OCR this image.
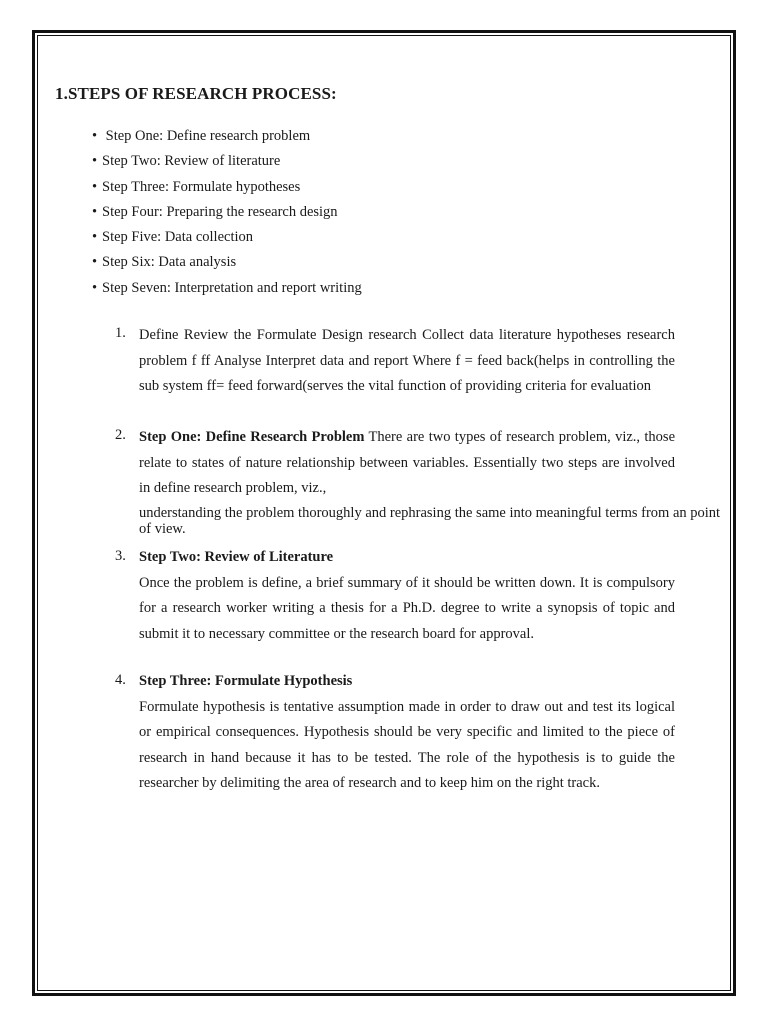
1.STEPS OF RESEARCH PROCESS:
• Step One: Define research problem
• Step Two: Review of literature
• Step Three: Formulate hypotheses
• Step Four: Preparing the research design
• Step Five: Data collection
• Step Six: Data analysis
• Step Seven: Interpretation and report writing
1. Define Review the Formulate Design research Collect data literature hypotheses research problem f ff Analyse Interpret data and report Where f = feed back(helps in controlling the sub system ff= feed forward(serves the vital function of providing criteria for evaluation
2. Step One: Define Research Problem There are two types of research problem, viz., those relate to states of nature relationship between variables. Essentially two steps are involved in define research problem, viz.,
understanding the problem thoroughly and rephrasing the same into meaningful terms from an point of view.
3. Step Two: Review of Literature
Once the problem is define, a brief summary of it should be written down. It is compulsory for a research worker writing a thesis for a Ph.D. degree to write a synopsis of topic and submit it to necessary committee or the research board for approval.
4. Step Three: Formulate Hypothesis
Formulate hypothesis is tentative assumption made in order to draw out and test its logical or empirical consequences. Hypothesis should be very specific and limited to the piece of research in hand because it has to be tested. The role of the hypothesis is to guide the researcher by delimiting the area of research and to keep him on the right track.
